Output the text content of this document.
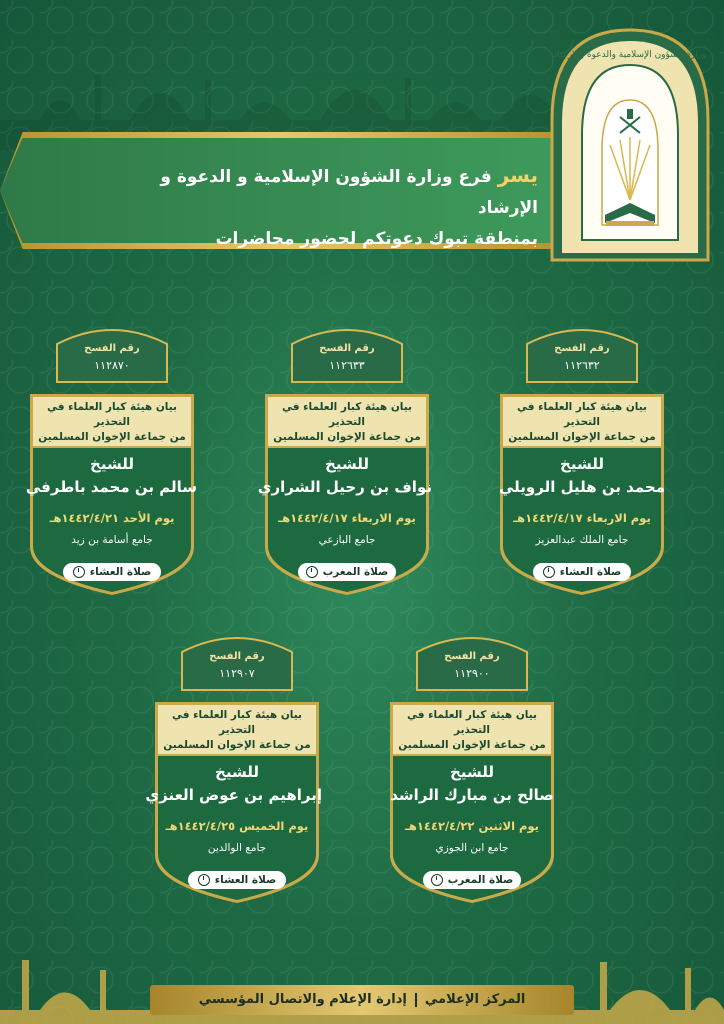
يسر فرع وزارة الشؤون الإسلامية و الدعوة و الإرشاد
بمنطقة تبوك دعوتكم لحضور محاضرات
وزارة الشؤون الإسلامية والدعوة والإرشاد
رقم الفسح
١١٢٦٣٢
بيان هيئة كبار العلماء في التحذير
من جماعة الإخوان المسلمين
للشيخ
محمد بن هليل الرويلي
يوم الاربعاء ١٤٤٢/٤/١٧هـ
جامع الملك عبدالعزيز
صلاة العشاء
رقم الفسح
١١٢٦٣٣
بيان هيئة كبار العلماء في التحذير
من جماعة الإخوان المسلمين
للشيخ
نواف بن رحيل الشراري
يوم الاربعاء ١٤٤٢/٤/١٧هـ
جامع البازعي
صلاة المغرب
رقم الفسح
١١٢٨٧٠
بيان هيئة كبار العلماء في التحذير
من جماعة الإخوان المسلمين
للشيخ
سالم بن محمد باطرفي
يوم الأحد ١٤٤٢/٤/٢١هـ
جامع أسامة بن زيد
صلاة العشاء
رقم الفسح
١١٢٩٠٠
بيان هيئة كبار العلماء في التحذير
من جماعة الإخوان المسلمين
للشيخ
صالح بن مبارك الراشد
يوم الاثنين ١٤٤٢/٤/٢٢هـ
جامع ابن الجوزي
صلاة المغرب
رقم الفسح
١١٢٩٠٧
بيان هيئة كبار العلماء في التحذير
من جماعة الإخوان المسلمين
للشيخ
إبراهيم بن عوض العنزي
يوم الخميس ١٤٤٢/٤/٢٥هـ
جامع الوالدين
صلاة العشاء
المركز الإعلاميإدارة الإعلام والاتصال المؤسسي
